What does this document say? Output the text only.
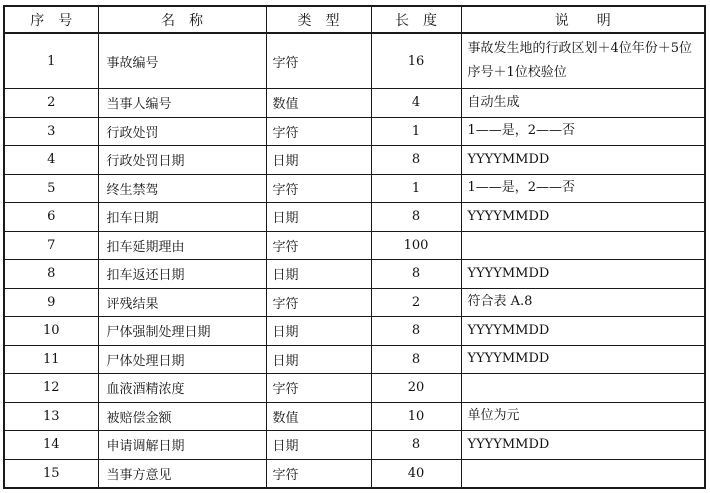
序　号	名　称	类　型	长　度	说　　明
1	事故编号	字符	16	事故发生地的行政区划＋4位年份＋5位序号＋1位校验位
2	当事人编号	数值	4	自动生成
3	行政处罚	字符	1	1——是，2——否
4	行政处罚日期	日期	8	YYYYMMDD
5	终生禁驾	字符	1	1——是，2——否
6	扣车日期	日期	8	YYYYMMDD
7	扣车延期理由	字符	100	
8	扣车返还日期	日期	8	YYYYMMDD
9	评残结果	字符	2	符合表 A.8
10	尸体强制处理日期	日期	8	YYYYMMDD
11	尸体处理日期	日期	8	YYYYMMDD
12	血液酒精浓度	字符	20	
13	被赔偿金额	数值	10	单位为元
14	申请调解日期	日期	8	YYYYMMDD
15	当事方意见	字符	40	
